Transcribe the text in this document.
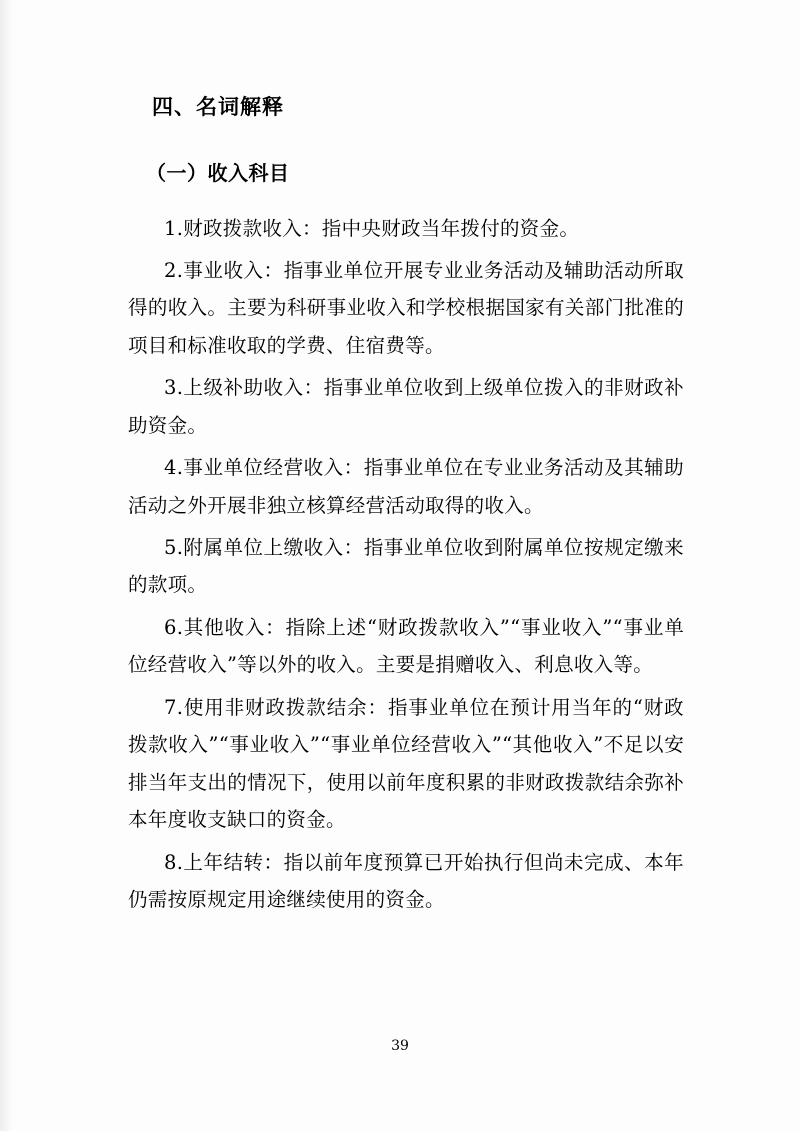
四、名词解释
（一）收入科目

1.财政拨款收入：指中央财政当年拨付的资金。

2.事业收入：指事业单位开展专业业务活动及辅助活动所取得的收入。主要为科研事业收入和学校根据国家有关部门批准的项目和标准收取的学费、住宿费等。

3.上级补助收入：指事业单位收到上级单位拨入的非财政补助资金。

4.事业单位经营收入：指事业单位在专业业务活动及其辅助活动之外开展非独立核算经营活动取得的收入。

5.附属单位上缴收入：指事业单位收到附属单位按规定缴来的款项。

6.其他收入：指除上述“财政拨款收入”“事业收入”“事业单位经营收入”等以外的收入。主要是捐赠收入、利息收入等。

7.使用非财政拨款结余：指事业单位在预计用当年的“财政拨款收入”“事业收入”“事业单位经营收入”“其他收入”不足以安排当年支出的情况下，使用以前年度积累的非财政拨款结余弥补本年度收支缺口的资金。

8.上年结转：指以前年度预算已开始执行但尚未完成、本年仍需按原规定用途继续使用的资金。

39
